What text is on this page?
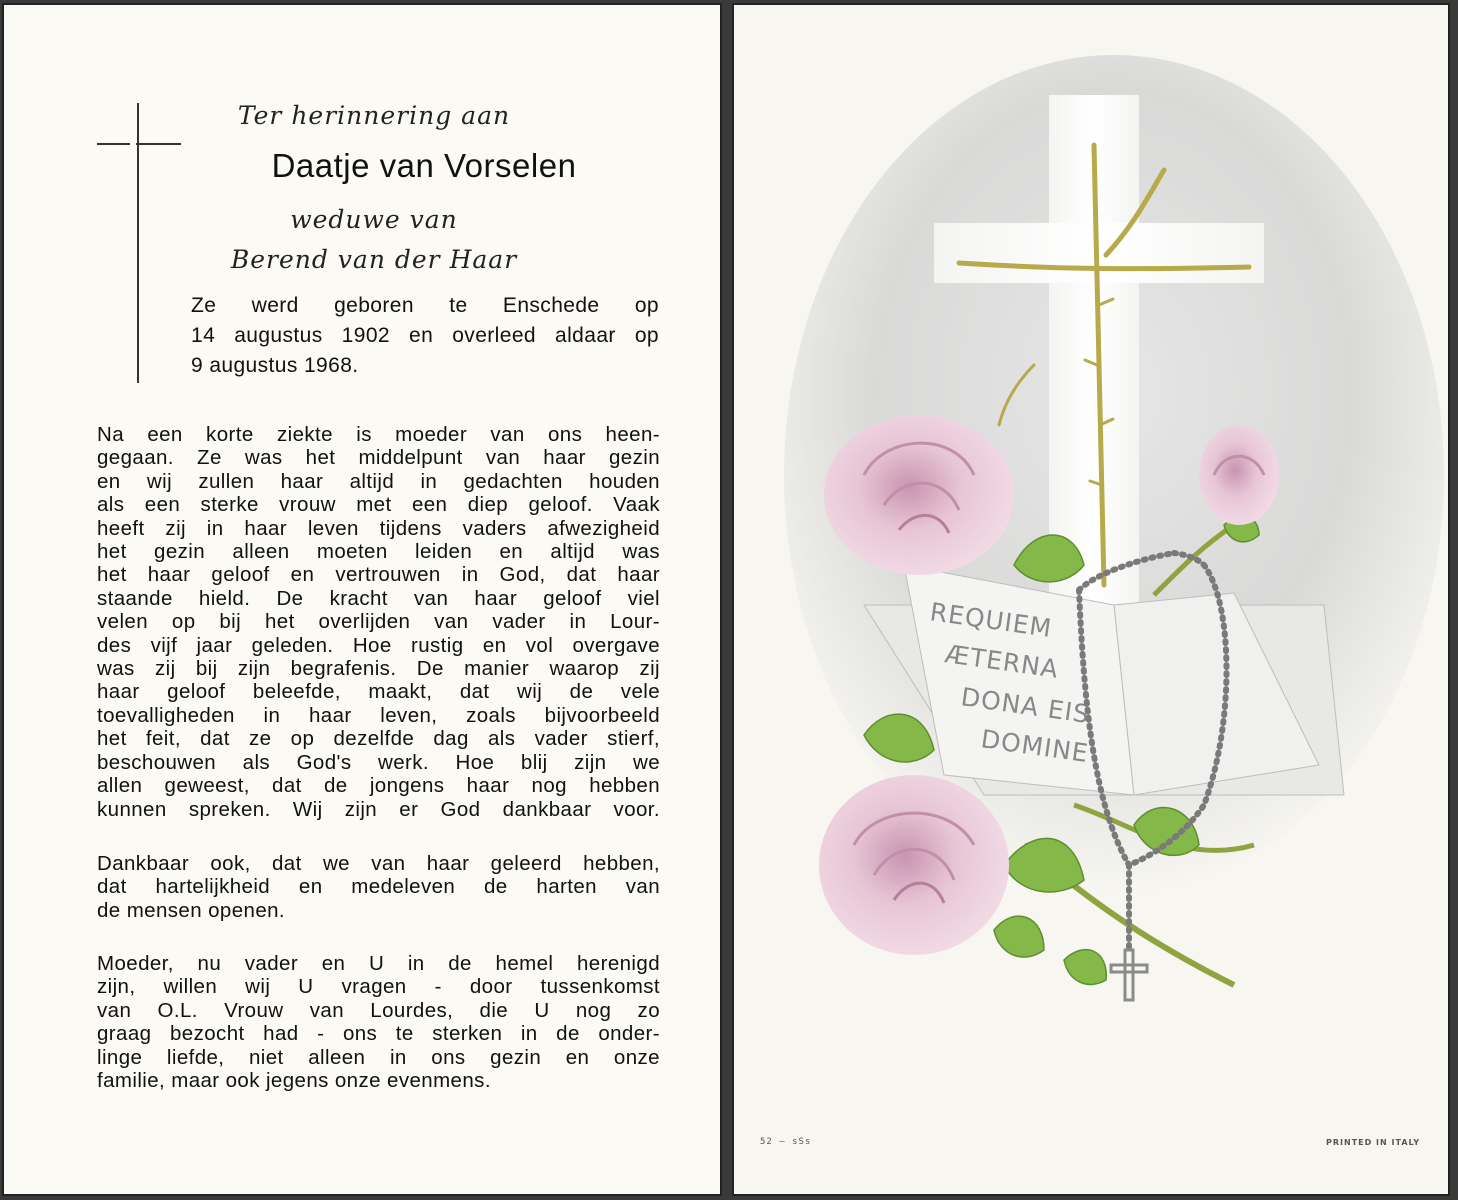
Ter herinnering aan
Daatje van Vorselen
weduwe van
Berend van der Haar

Ze werd geboren te Enschede op
14 augustus 1902 en overleed aldaar op
9 augustus 1968.

Na een korte ziekte is moeder van ons heen-
gegaan. Ze was het middelpunt van haar gezin
en wij zullen haar altijd in gedachten houden
als een sterke vrouw met een diep geloof. Vaak
heeft zij in haar leven tijdens vaders afwezigheid
het gezin alleen moeten leiden en altijd was
het haar geloof en vertrouwen in God, dat haar
staande hield. De kracht van haar geloof viel
velen op bij het overlijden van vader in Lour-
des vijf jaar geleden. Hoe rustig en vol overgave
was zij bij zijn begrafenis. De manier waarop zij
haar geloof beleefde, maakt, dat wij de vele
toevalligheden in haar leven, zoals bijvoorbeeld
het feit, dat ze op dezelfde dag als vader stierf,
beschouwen als God's werk. Hoe blij zijn we
allen geweest, dat de jongens haar nog hebben
kunnen spreken. Wij zijn er God dankbaar voor.

Dankbaar ook, dat we van haar geleerd hebben,
dat hartelijkheid en medeleven de harten van
de mensen openen.

Moeder, nu vader en U in de hemel herenigd
zijn, willen wij U vragen - door tussenkomst
van O.L. Vrouw van Lourdes, die U nog zo
graag bezocht had - ons te sterken in de onder-
linge liefde, niet alleen in ons gezin en onze
familie, maar ook jegens onze evenmens.

REQUIEM
ÆTERNA
DONA EIS
DOMINE
52 — sSs	PRINTED IN ITALY
